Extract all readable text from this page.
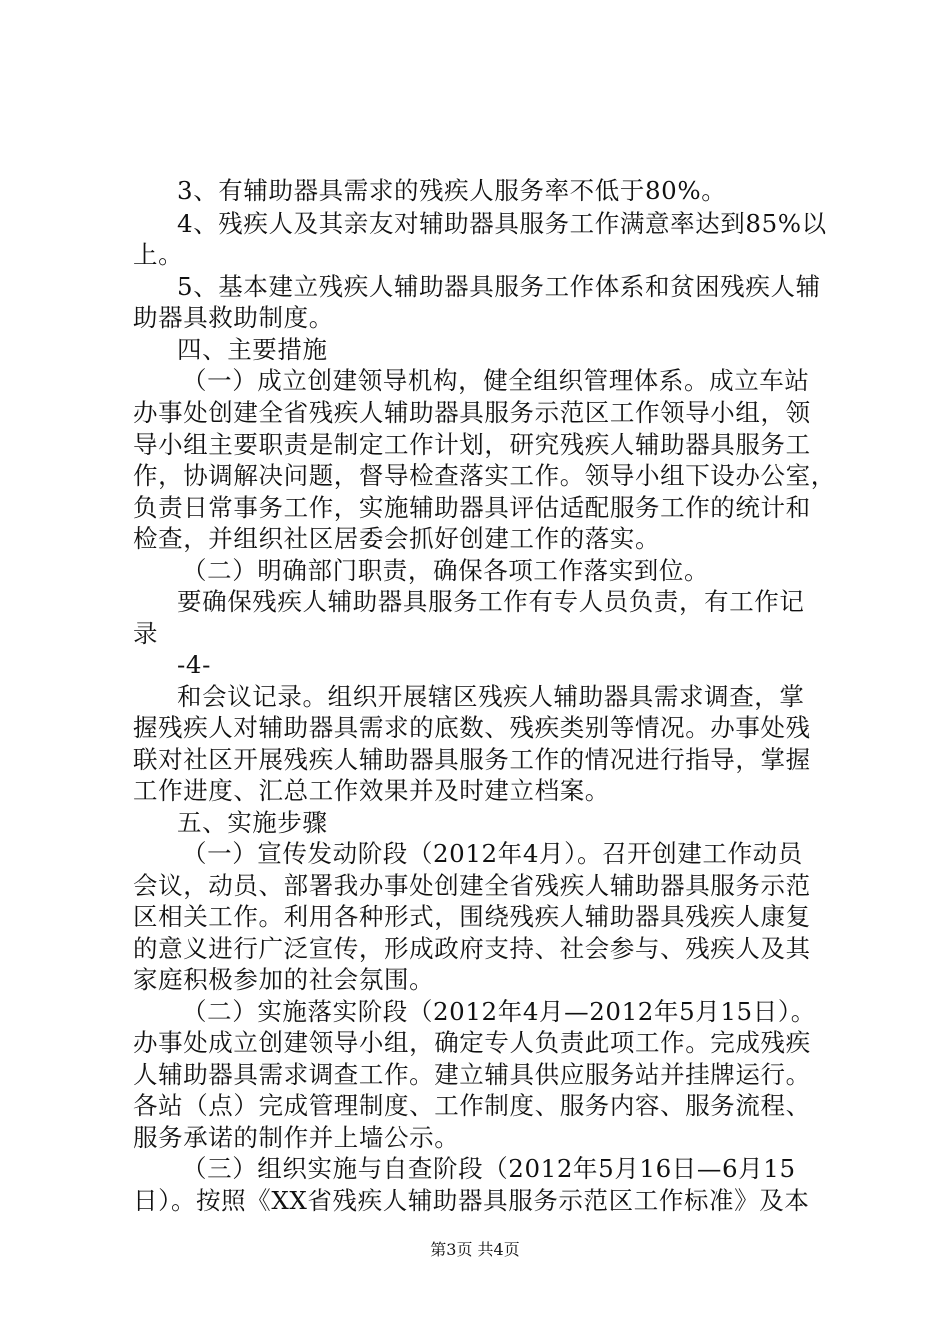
3、有辅助器具需求的残疾人服务率不低于80%。
4、残疾人及其亲友对辅助器具服务工作满意率达到85%以
上。
5、基本建立残疾人辅助器具服务工作体系和贫困残疾人辅
助器具救助制度。
四、主要措施
（一）成立创建领导机构，健全组织管理体系。成立车站
办事处创建全省残疾人辅助器具服务示范区工作领导小组，领
导小组主要职责是制定工作计划，研究残疾人辅助器具服务工
作，协调解决问题，督导检查落实工作。领导小组下设办公室，
负责日常事务工作，实施辅助器具评估适配服务工作的统计和
检查，并组织社区居委会抓好创建工作的落实。
（二）明确部门职责，确保各项工作落实到位。
要确保残疾人辅助器具服务工作有专人员负责，有工作记
录
-4-
和会议记录。组织开展辖区残疾人辅助器具需求调查，掌
握残疾人对辅助器具需求的底数、残疾类别等情况。办事处残
联对社区开展残疾人辅助器具服务工作的情况进行指导，掌握
工作进度、汇总工作效果并及时建立档案。
五、实施步骤
（一）宣传发动阶段（2012年4月）。召开创建工作动员
会议，动员、部署我办事处创建全省残疾人辅助器具服务示范
区相关工作。利用各种形式，围绕残疾人辅助器具残疾人康复
的意义进行广泛宣传，形成政府支持、社会参与、残疾人及其
家庭积极参加的社会氛围。
（二）实施落实阶段（2012年4月—2012年5月15日）。
办事处成立创建领导小组，确定专人负责此项工作。完成残疾
人辅助器具需求调查工作。建立辅具供应服务站并挂牌运行。
各站（点）完成管理制度、工作制度、服务内容、服务流程、
服务承诺的制作并上墙公示。
（三）组织实施与自查阶段（2012年5月16日—6月15
日）。按照《XX省残疾人辅助器具服务示范区工作标准》及本
第3页 共4页
